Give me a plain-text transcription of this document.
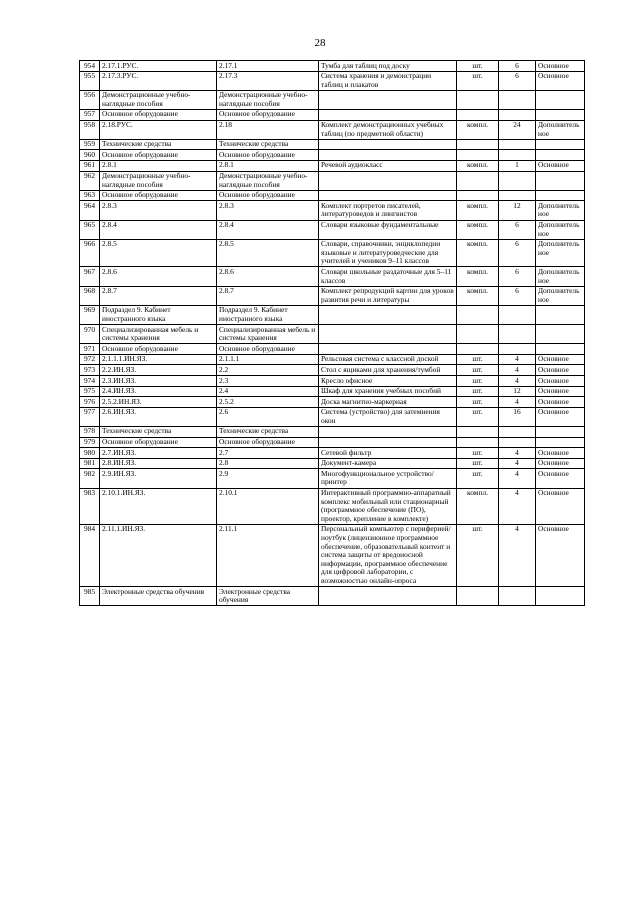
28
954	2.17.1.РУС.	2.17.1	Тумба для таблиц под доску	шт.	6	Основное
955	2.17.3.РУС.	2.17.3	Система хранения и демонстрации таблиц и плакатов	шт.	6	Основное
956	Демонстрационные учебно-наглядные пособия	Демонстрационные учебно-наглядные пособия				
957	Основное оборудование	Основное оборудование				
958	2.18.РУС.	2.18	Комплект демонстрационных учебных таблиц (по предметной области)	компл.	24	Дополнительное
959	Технические средства	Технические средства				
960	Основное оборудование	Основное оборудование				
961	2.8.1	2.8.1	Речевой аудиокласс	компл.	1	Основное
962	Демонстрационные учебно-наглядные пособия	Демонстрационные учебно-наглядные пособия				
963	Основное оборудование	Основное оборудование				
964	2.8.3	2.8.3	Комплект портретов писателей, литературоведов и лингвистов	компл.	12	Дополнительное
965	2.8.4	2.8.4	Словари языковые фундаментальные	компл.	6	Дополнительное
966	2.8.5	2.8.5	Словари, справочники, энциклопедии языковые и литературоведческие для учителей и учеников 9–11 классов	компл.	6	Дополнительное
967	2.8.6	2.8.6	Словари школьные раздаточные для 5–11 классов	компл.	6	Дополнительное
968	2.8.7	2.8.7	Комплект репродукций картин для уроков развития речи и литературы	компл.	6	Дополнительное
969	Подраздел 9. Кабинет иностранного языка	Подраздел 9. Кабинет иностранного языка				
970	Специализированная мебель и системы хранения	Специализированная мебель и системы хранения				
971	Основное оборудование	Основное оборудование				
972	2.1.1.1.ИН.ЯЗ.	2.1.1.1	Рельсовая система с классной доской	шт.	4	Основное
973	2.2.ИН.ЯЗ.	2.2	Стол с ящиками для хранения/тумбой	шт.	4	Основное
974	2.3.ИН.ЯЗ.	2.3	Кресло офисное	шт.	4	Основное
975	2.4.ИН.ЯЗ.	2.4	Шкаф для хранения учебных пособий	шт.	12	Основное
976	2.5.2.ИН.ЯЗ.	2.5.2	Доска магнитно-маркерная	шт.	4	Основное
977	2.6.ИН.ЯЗ.	2.6	Система (устройство) для затемнения окон	шт.	16	Основное
978	Технические средства	Технические средства				
979	Основное оборудование	Основное оборудование				
980	2.7.ИН.ЯЗ.	2.7	Сетевой фильтр	шт.	4	Основное
981	2.8.ИН.ЯЗ.	2.8	Документ-камера	шт.	4	Основное
982	2.9.ИН.ЯЗ.	2.9	Многофункциональное устройство/принтер	шт.	4	Основное
983	2.10.1.ИН.ЯЗ.	2.10.1	Интерактивный программно-аппаратный комплекс мобильный или стационарный (программное обеспечение (ПО), проектор, крепление в комплекте)	компл.	4	Основное
984	2.11.1.ИН.ЯЗ.	2.11.1	Персональный компьютер с периферией/ноутбук (лицензионное программное обеспечение, образовательный контент и система защиты от вредоносной информации, программное обеспечение для цифровой лаборатории, с возможностью онлайн-опроса	шт.	4	Основное
985	Электронные средства обучения	Электронные средства обучения				
